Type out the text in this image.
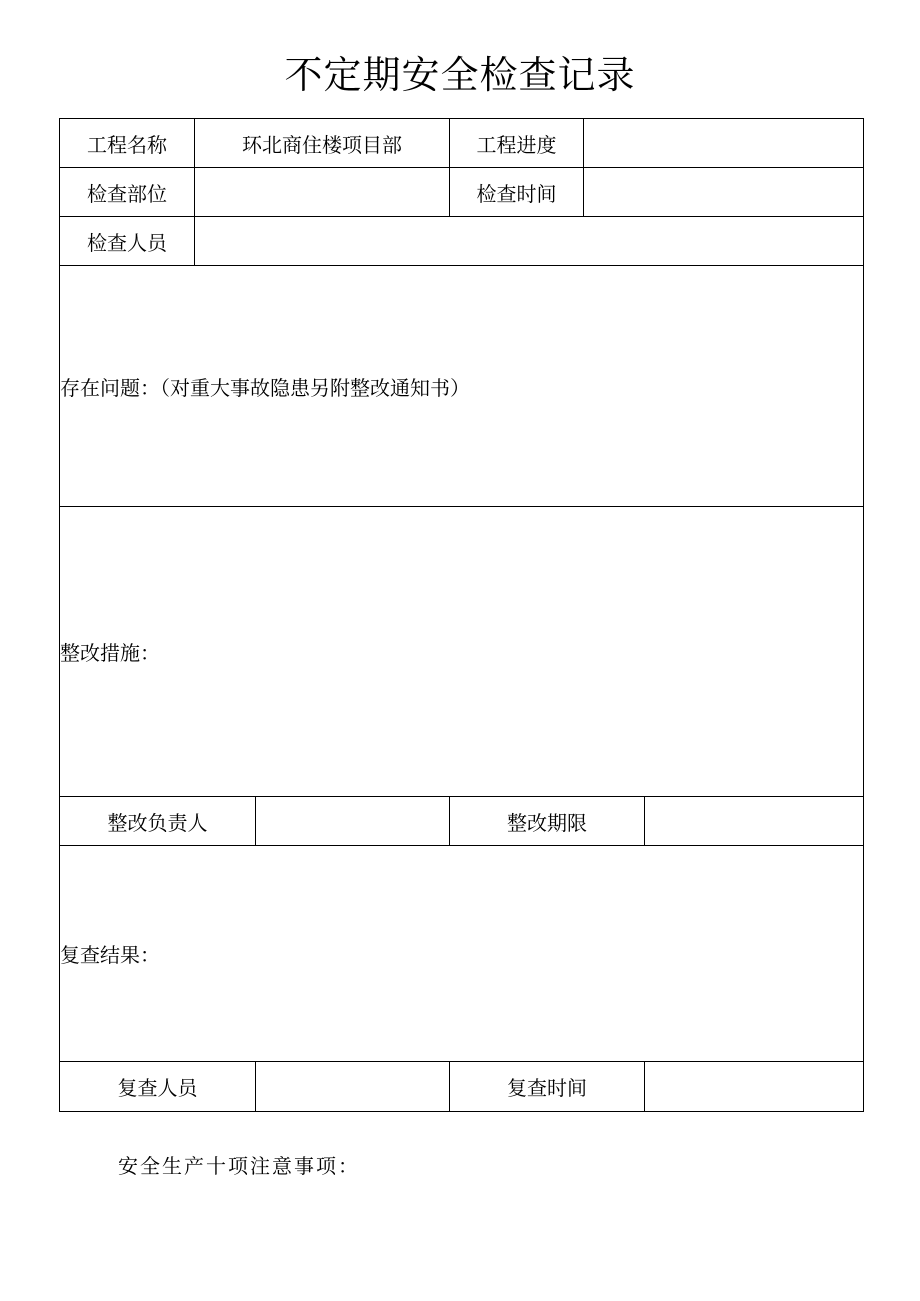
不定期安全检查记录
工程名称	环北商住楼项目部		工程进度		
检查部位			检查时间		
检查人员					
存在问题：（对重大事故隐患另附整改通知书）					
整改措施：					
整改负责人			整改期限		
复查结果：					
复查人员			复查时间		
安全生产十项注意事项：
